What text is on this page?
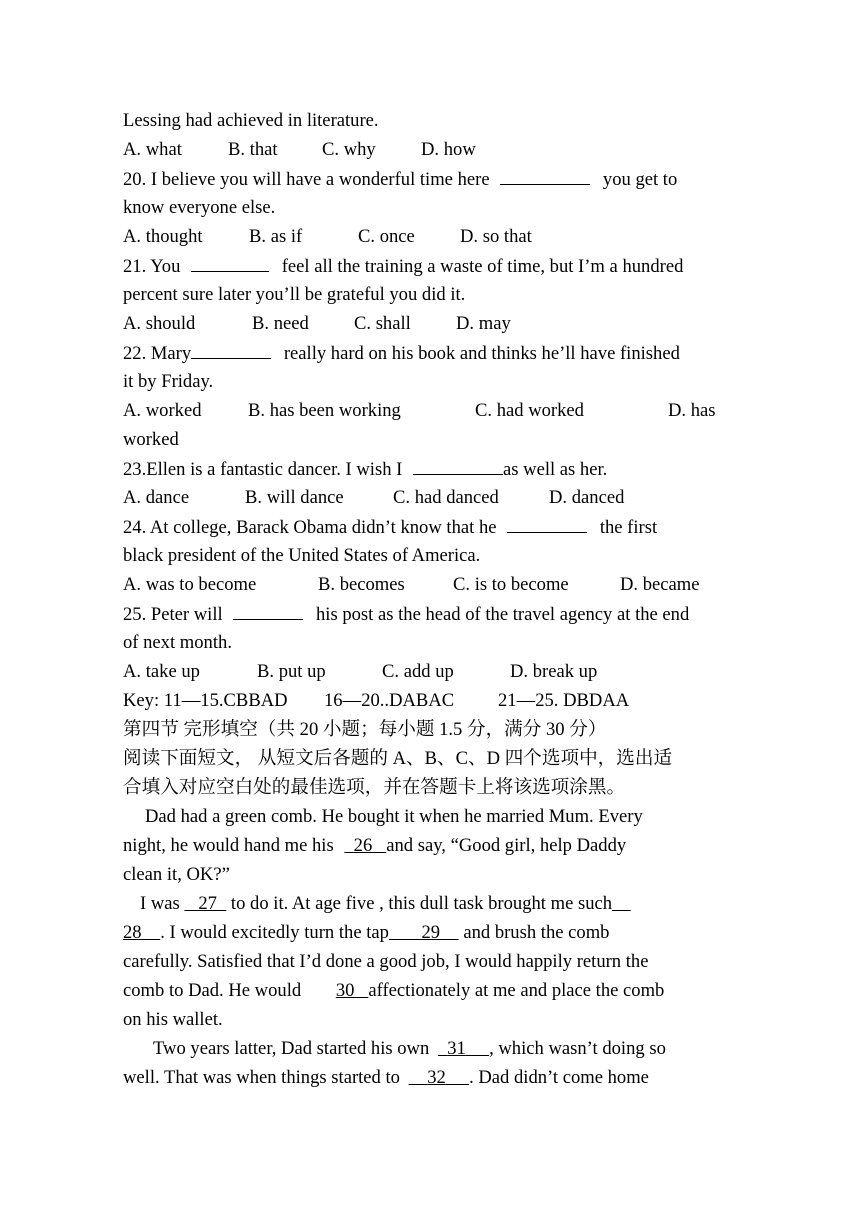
Lessing had achieved in literature.
A. what B. that C. why D. how
20. I believe you will have a wonderful time here	you get to
know everyone else.
A. thought B. as if	C. once D. so that
21. You	feel all the training a waste of time, but I’m a hundred
percent sure later you’ll be grateful you did it.
A. should	B. need C. shall D. may
22. Mary	really hard on his book and thinks he’ll have finished
it by Friday.
A. worked	B. has been working	C. had worked	D. has
worked
23.Ellen is a fantastic dancer. I wish I	as well as her.
A. dance	B. will dance	C. had danced	D. danced
24. At college, Barack Obama didn’t know that he	the first
black president of the United States of America.
A. was to become	B. becomes	C. is to become	D. became
25. Peter will	his post as the head of the travel agency at the end
of next month.
A. take up	B. put up	C. add up	D. break up
Key: 11—15.CBBAD 16—20..DABAC 21—25. DBDAA
第四节 完形填空（共 20 小题；每小题 1.5 分，满分 30 分）
阅读下面短文， 从短文后各题的 A、B、C、D 四个选项中，选出适
合填入对应空白处的最佳选项，并在答题卡上将该选项涂黑。
Dad had a green comb. He bought it when he married Mum. Every
night, he would hand me his 26 and say, “Good girl, help Daddy
clean it, OK?”
I was 27 to do it. At age five , this dull task brought me such
28 . I would excitedly turn the tap 29 and brush the comb
carefully. Satisfied that I’d done a good job, I would happily return the
comb to Dad. He would 30 affectionately at me and place the comb
on his wallet.
Two years latter, Dad started his own 31 , which wasn’t doing so
well. That was when things started to 32 . Dad didn’t come home
